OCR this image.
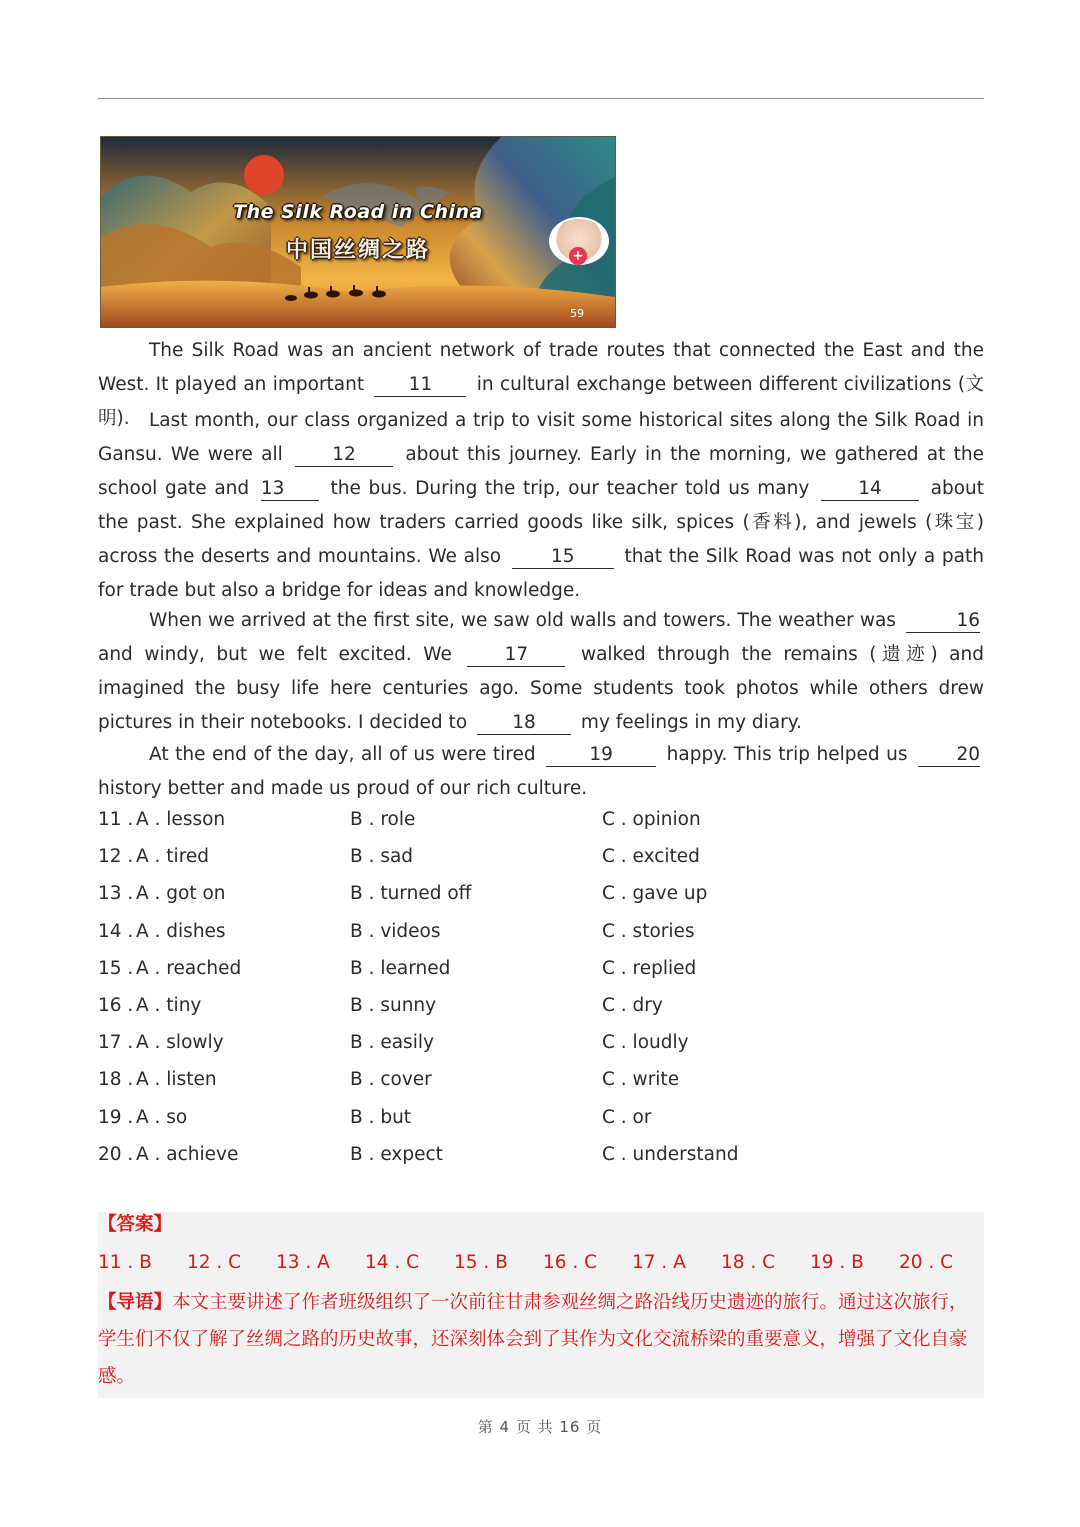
The Silk Road in China
中国丝绸之路	+
59

The Silk Road was an ancient network of trade routes that connected the East and the West. It played an important 11 in cultural exchange between different civilizations (文明).	Last month, our class organized a trip to visit some historical sites along the Silk Road in Gansu. We were all	12	about this journey. Early in the morning, we gathered at the school gate and 13 the bus. During the trip, our teacher told us many	14	about the past. She explained how traders carried goods like silk, spices (香料), and jewels (珠宝) across the deserts and mountains. We also	15	that the Silk Road was not only a path for trade but also a bridge for ideas and knowledge.

When we arrived at the first site, we saw old walls and towers. The weather was	16 and windy, but we felt excited. We	17	walked through the remains (遗迹) and imagined the busy life here centuries ago. Some students took photos while others drew pictures in their notebooks. I decided to 18 my feelings in my diary.

At the end of the day, all of us were tired	19	happy. This trip helped us	20 history better and made us proud of our rich culture.

11 . A . lesson	B . role	C . opinion
12 . A . tired	B . sad	C . excited
13 . A . got on	B . turned off	C . gave up
14 . A . dishes	B . videos	C . stories
15 . A . reached	B . learned	C . replied
16 . A . tiny	B . sunny	C . dry
17 . A . slowly	B . easily	C . loudly
18 . A . listen	B . cover	C . write
19 . A . so	B . but	C . or
20 . A . achieve	B . expect	C . understand
【答案】
11 . B 12 . C 13 . A 14 . C 15 . B 16 . C 17 . A 18 . C 19 . B 20 . C

【导语】本文主要讲述了作者班级组织了一次前往甘肃参观丝绸之路沿线历史遗迹的旅行。通过这次旅行，学生们不仅了解了丝绸之路的历史故事，还深刻体会到了其作为文化交流桥梁的重要意义，增强了文化自豪感。

第 4 页 共 16 页
